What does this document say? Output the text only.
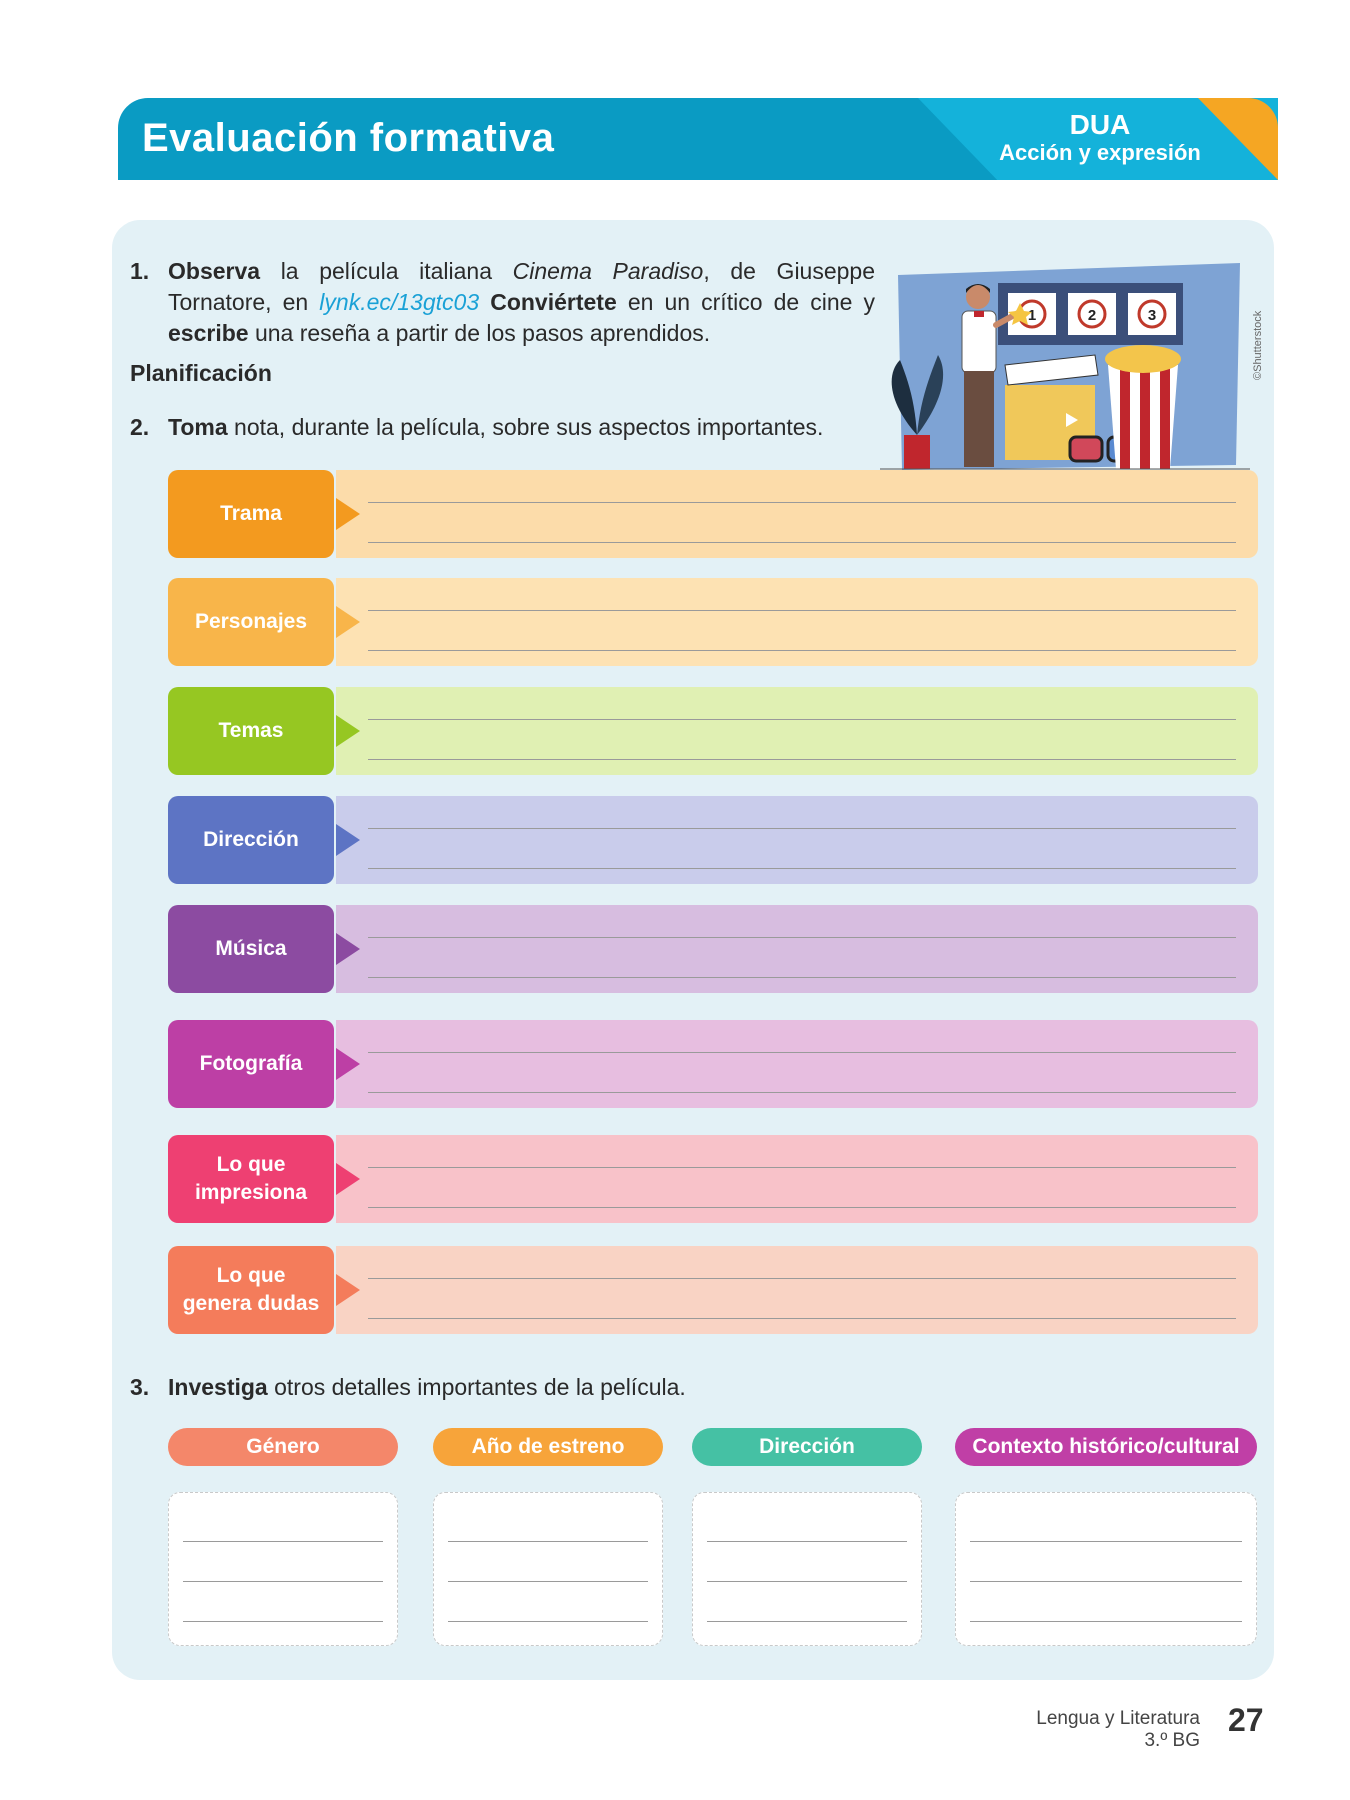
Evaluación formativa	DUA
Acción y expresión
1. Observa la película italiana Cinema Paradiso, de Giuseppe Tornatore, en lynk.ec/13gtc03 Conviértete en un crítico de cine y escribe una reseña a partir de los pasos aprendidos.
Planificación
2. Toma nota, durante la película, sobre sus aspectos importantes.
1	2	3	©Shutterstock
Trama
Personajes
Temas
Dirección
Música
Fotografía
Lo que
impresiona
Lo que
genera dudas
3. Investiga otros detalles importantes de la película.
Género	Año de estreno	Dirección	Contexto histórico/cultural
Lengua y Literatura
3.º BG
27
